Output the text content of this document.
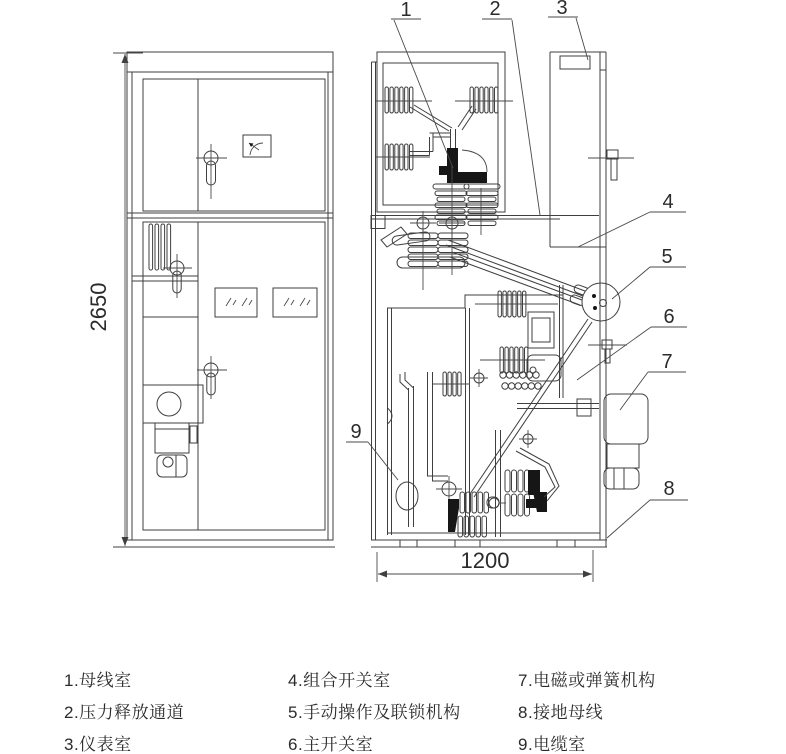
2650
1200
1	2	3
4
5
6
7
8
9
1.母线室
2.压力释放通道
3.仪表室
4.组合开关室
5.手动操作及联锁机构
6.主开关室
7.电磁或弹簧机构
8.接地母线
9.电缆室
